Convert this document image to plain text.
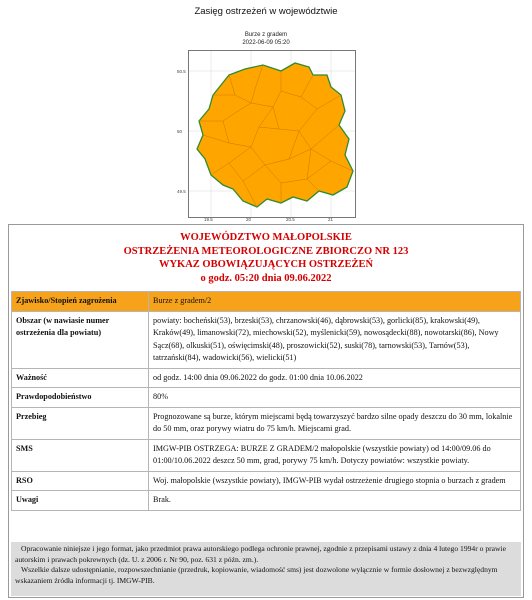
Zasięg ostrzeżeń w województwie
Burze z gradem
2022-06-09 05:20
50.5
50
49.5
19.5	20	20.5	21
WOJEWÓDZTWO MAŁOPOLSKIE
OSTRZEŻENIA METEOROLOGICZNE ZBIORCZO NR 123
WYKAZ OBOWIĄZUJĄCYCH OSTRZEŻEŃ
o godz. 05:20 dnia 09.06.2022
Zjawisko/Stopień zagrożenia	Burze z gradem/2
Obszar (w nawiasie numer ostrzeżenia dla powiatu)	powiaty: bocheński(53), brzeski(53), chrzanowski(46), dąbrowski(53), gorlicki(85), krakowski(49), Kraków(49), limanowski(72), miechowski(52), myślenicki(59), nowosądecki(88), nowotarski(86), Nowy Sącz(68), olkuski(51), oświęcimski(48), proszowicki(52), suski(78), tarnowski(53), Tarnów(53), tatrzański(84), wadowicki(56), wielicki(51)
Ważność	od godz. 14:00 dnia 09.06.2022 do godz. 01:00 dnia 10.06.2022
Prawdopodobieństwo	80%
Przebieg	Prognozowane są burze, którym miejscami będą towarzyszyć bardzo silne opady deszczu do 30 mm, lokalnie do 50 mm, oraz porywy wiatru do 75 km/h. Miejscami grad.
SMS	IMGW-PIB OSTRZEGA: BURZE Z GRADEM/2 małopolskie (wszystkie powiaty) od 14:00/09.06 do 01:00/10.06.2022 deszcz 50 mm, grad, porywy 75 km/h. Dotyczy powiatów: wszystkie powiaty.
RSO	Woj. małopolskie (wszystkie powiaty), IMGW-PIB wydał ostrzeżenie drugiego stopnia o burzach z gradem
Uwagi	Brak.

Opracowanie niniejsze i jego format, jako przedmiot prawa autorskiego podlega ochronie prawnej, zgodnie z przepisami ustawy z dnia 4 lutego 1994r o prawie autorskim i prawach pokrewnych (dz. U. z 2006 r. Nr 90, poz. 631 z późn. zm.).

Wszelkie dalsze udostępnianie, rozpowszechnianie (przedruk, kopiowanie, wiadomość sms) jest dozwolone wyłącznie w formie dosłownej z bezwzględnym wskazaniem źródła informacji tj. IMGW-PIB.
